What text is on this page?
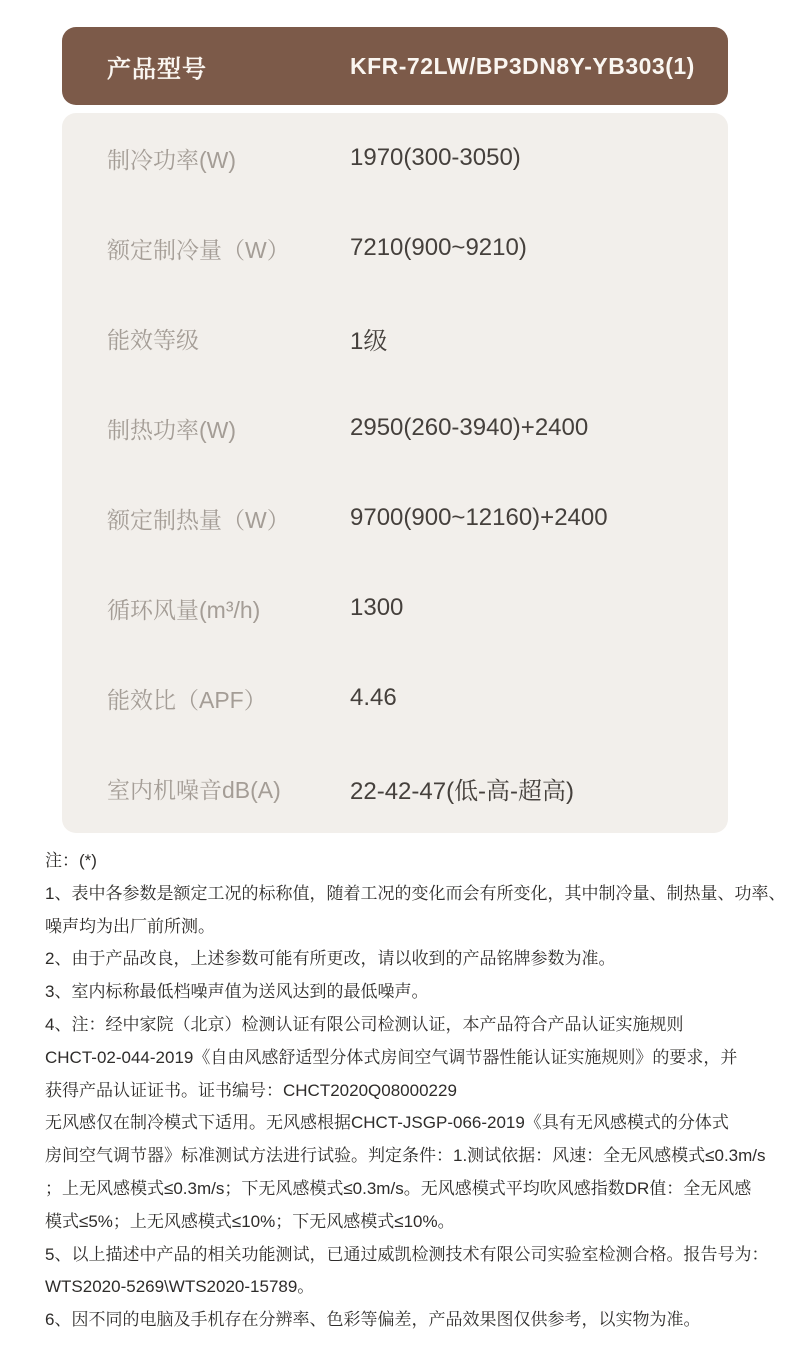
产品型号	KFR-72LW/BP3DN8Y-YB303(1)
制冷功率(W)	1970(300-3050)
额定制冷量（W）	7210(900~9210)
能效等级	1级
制热功率(W)	2950(260-3940)+2400
额定制热量（W）	9700(900~12160)+2400
循环风量(m³/h)	1300
能效比（APF）	4.46
室内机噪音dB(A)	22-42-47(低-高-超高)
注：(*)
1、表中各参数是额定工况的标称值，随着工况的变化而会有所变化，其中制冷量、制热量、功率、
噪声均为出厂前所测。
2、由于产品改良，上述参数可能有所更改，请以收到的产品铭牌参数为准。
3、室内标称最低档噪声值为送风达到的最低噪声。
4、注：经中家院（北京）检测认证有限公司检测认证，本产品符合产品认证实施规则
CHCT-02-044-2019《自由风感舒适型分体式房间空气调节器性能认证实施规则》的要求，并
获得产品认证证书。证书编号：CHCT2020Q08000229
无风感仅在制冷模式下适用。无风感根据CHCT-JSGP-066-2019《具有无风感模式的分体式
房间空气调节器》标准测试方法进行试验。判定条件：1.测试依据：风速：全无风感模式≤0.3m/s
；上无风感模式≤0.3m/s；下无风感模式≤0.3m/s。无风感模式平均吹风感指数DR值：全无风感
模式≤5%；上无风感模式≤10%；下无风感模式≤10%。
5、以上描述中产品的相关功能测试，已通过威凯检测技术有限公司实验室检测合格。报告号为：
WTS2020-5269\WTS2020-15789。
6、因不同的电脑及手机存在分辨率、色彩等偏差，产品效果图仅供参考，以实物为准。
